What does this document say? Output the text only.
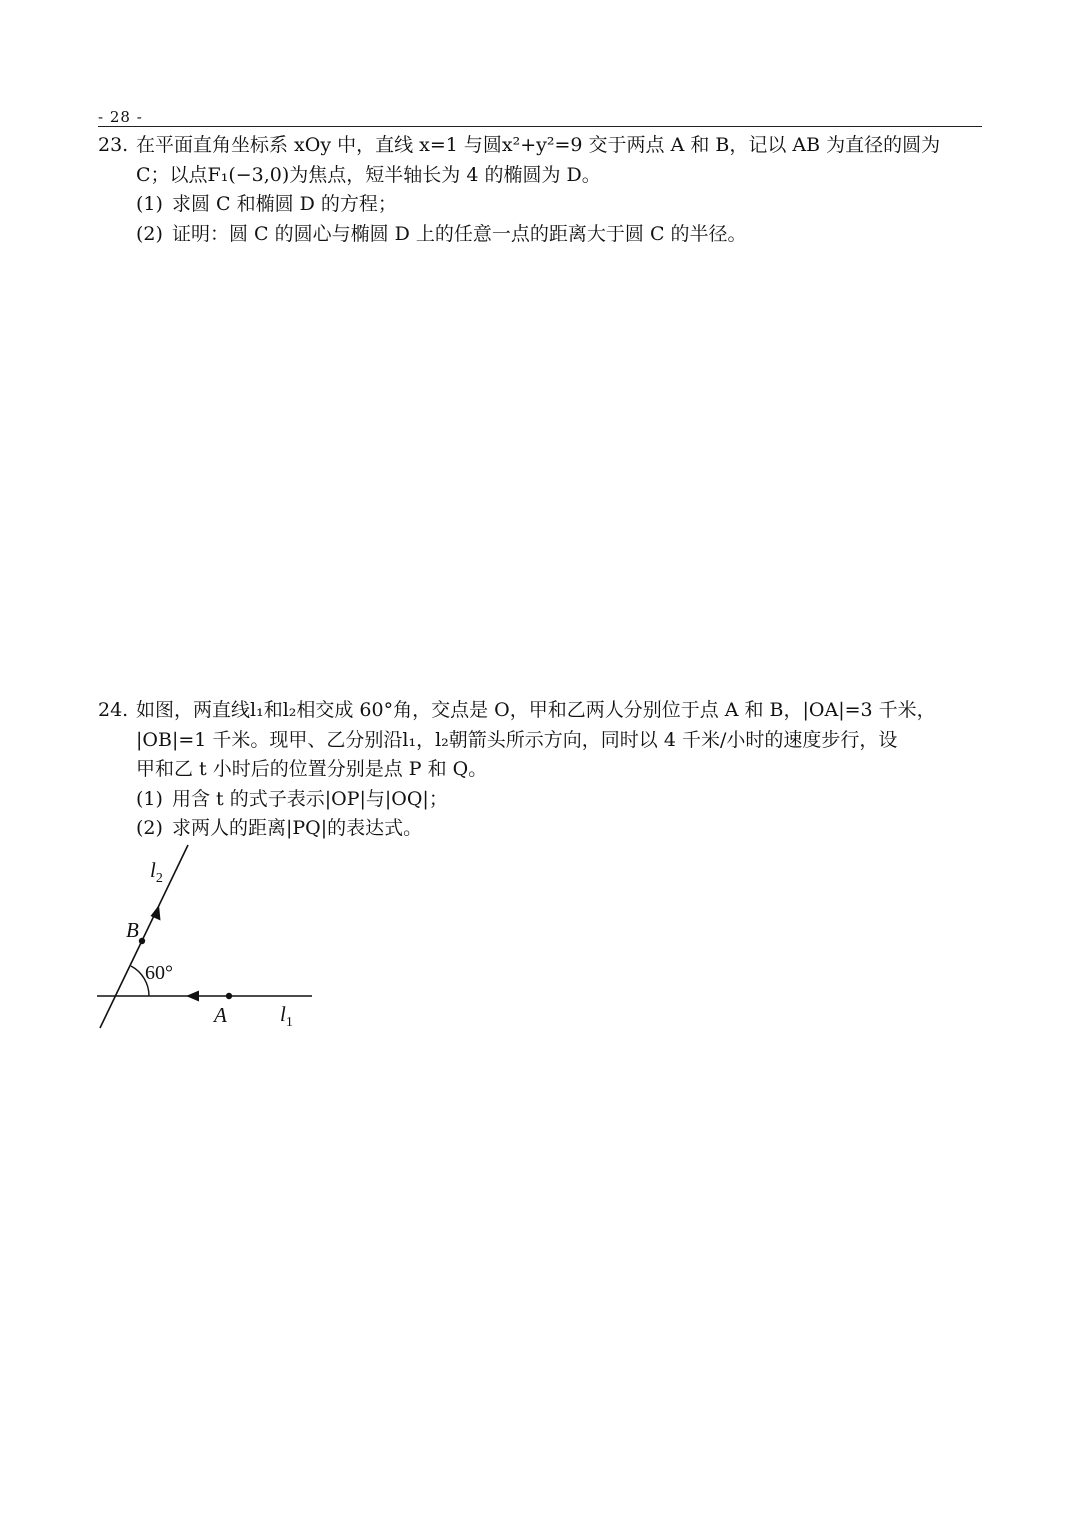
- 28 -
23. 在平面直角坐标系 xOy 中，直线 x=1 与圆x²+y²=9 交于两点 A 和 B，记以 AB 为直径的圆为
C；以点F₁(−3,0)为焦点，短半轴长为 4 的椭圆为 D。
(1) 求圆 C 和椭圆 D 的方程；
(2) 证明：圆 C 的圆心与椭圆 D 上的任意一点的距离大于圆 C 的半径。
24. 如图，两直线l₁和l₂相交成 60°角，交点是 O，甲和乙两人分别位于点 A 和 B，|OA|=3 千米，
|OB|=1 千米。现甲、乙分别沿l₁，l₂朝箭头所示方向，同时以 4 千米/小时的速度步行，设
甲和乙 t 小时后的位置分别是点 P 和 Q。
(1) 用含 t 的式子表示|OP|与|OQ|；
(2) 求两人的距离|PQ|的表达式。
$l_2$
B
60°
A	$l_1$
